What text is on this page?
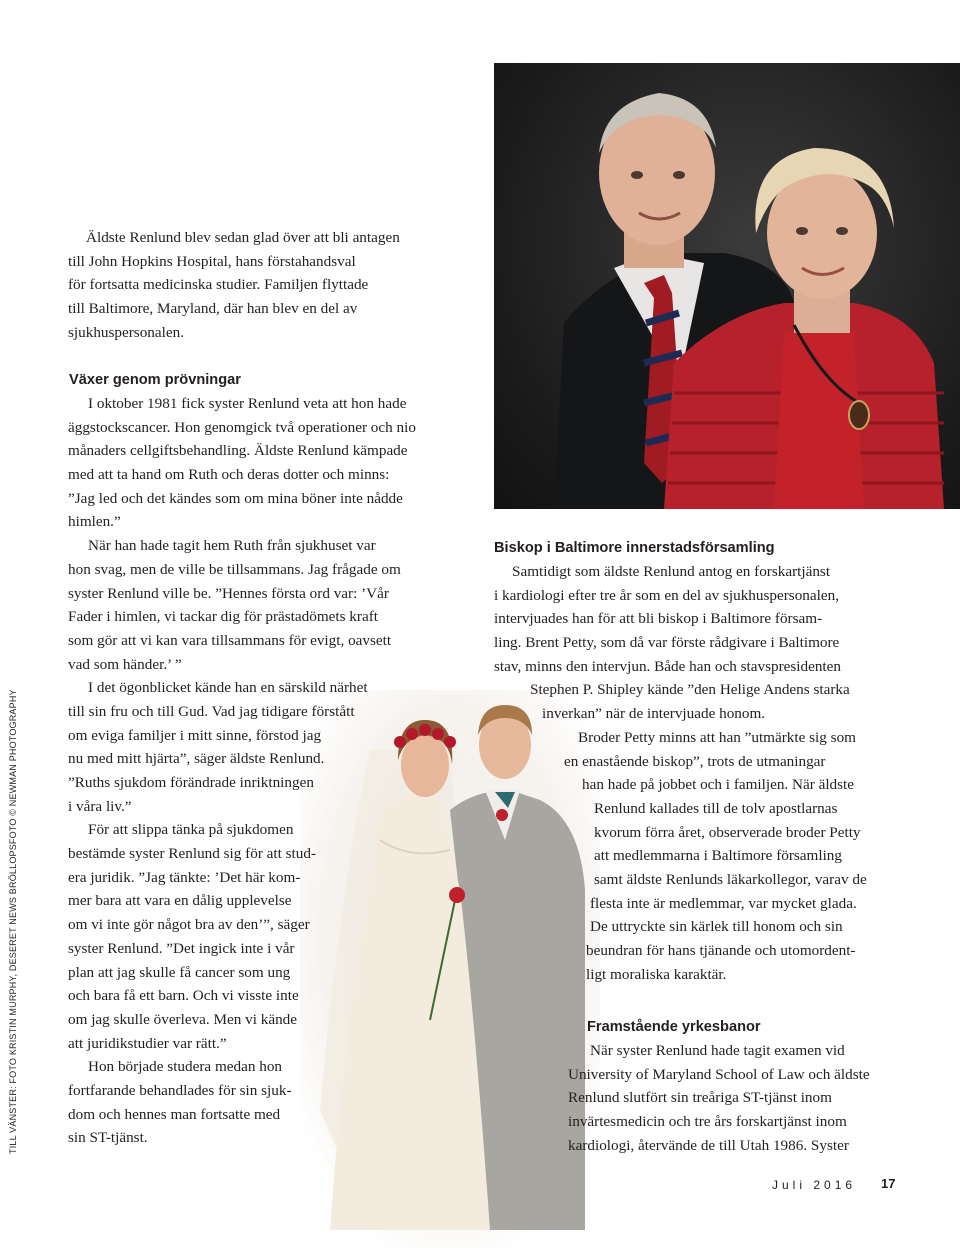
TILL VÄNSTER: FOTO KRISTIN MURPHY, DESERET NEWS BRÖLLOPSFOTO © NEWMAN PHOTOGRAPHY
Äldste Renlund blev sedan glad över att bli antagen
till John Hopkins Hospital, hans förstahandsval
för fortsatta medicinska studier. Familjen flyttade
till Baltimore, Maryland, där han blev en del av
sjukhuspersonalen.
Växer genom prövningar
I oktober 1981 fick syster Renlund veta att hon hade
äggstockscancer. Hon genomgick två operationer och nio
månaders cellgiftsbehandling. Äldste Renlund kämpade
med att ta hand om Ruth och deras dotter och minns:
”Jag led och det kändes som om mina böner inte nådde
himlen.”
När han hade tagit hem Ruth från sjukhuset var
hon svag, men de ville be tillsammans. Jag frågade om
syster Renlund ville be. ”Hennes första ord var: ’Vår
Fader i himlen, vi tackar dig för prästadömets kraft
som gör att vi kan vara tillsammans för evigt, oavsett
vad som händer.’ ”
I det ögonblicket kände han en särskild närhet
till sin fru och till Gud. Vad jag tidigare förstått
om eviga familjer i mitt sinne, förstod jag
nu med mitt hjärta”, säger äldste Renlund.
”Ruths sjukdom förändrade inriktningen
i våra liv.”
För att slippa tänka på sjukdomen
bestämde syster Renlund sig för att stud-
era juridik. ”Jag tänkte: ’Det här kom-
mer bara att vara en dålig upplevelse
om vi inte gör något bra av den’”, säger
syster Renlund. ”Det ingick inte i vår
plan att jag skulle få cancer som ung
och bara få ett barn. Och vi visste inte
om jag skulle överleva. Men vi kände
att juridikstudier var rätt.”
Hon började studera medan hon
fortfarande behandlades för sin sjuk-
dom och hennes man fortsatte med
sin ST-tjänst.
Biskop i Baltimore innerstadsförsamling
Samtidigt som äldste Renlund antog en forskartjänst
i kardiologi efter tre år som en del av sjukhuspersonalen,
intervjuades han för att bli biskop i Baltimore försam-
ling. Brent Petty, som då var förste rådgivare i Baltimore
stav, minns den intervjun. Både han och stavspresidenten
Stephen P. Shipley kände ”den Helige Andens starka
inverkan” när de intervjuade honom.
Broder Petty minns att han ”utmärkte sig som
en enastående biskop”, trots de utmaningar
han hade på jobbet och i familjen. När äldste
Renlund kallades till de tolv apostlarnas
kvorum förra året, observerade broder Petty
att medlemmarna i Baltimore församling
samt äldste Renlunds läkarkollegor, varav de
flesta inte är medlemmar, var mycket glada.
De uttryckte sin kärlek till honom och sin
beundran för hans tjänande och utomordent-
ligt moraliska karaktär.
Framstående yrkesbanor
När syster Renlund hade tagit examen vid
University of Maryland School of Law och äldste
Renlund slutfört sin treåriga ST-tjänst inom
invärtesmedicin och tre års forskartjänst inom
kardiologi, återvände de till Utah 1986. Syster
Juli 2016 17
